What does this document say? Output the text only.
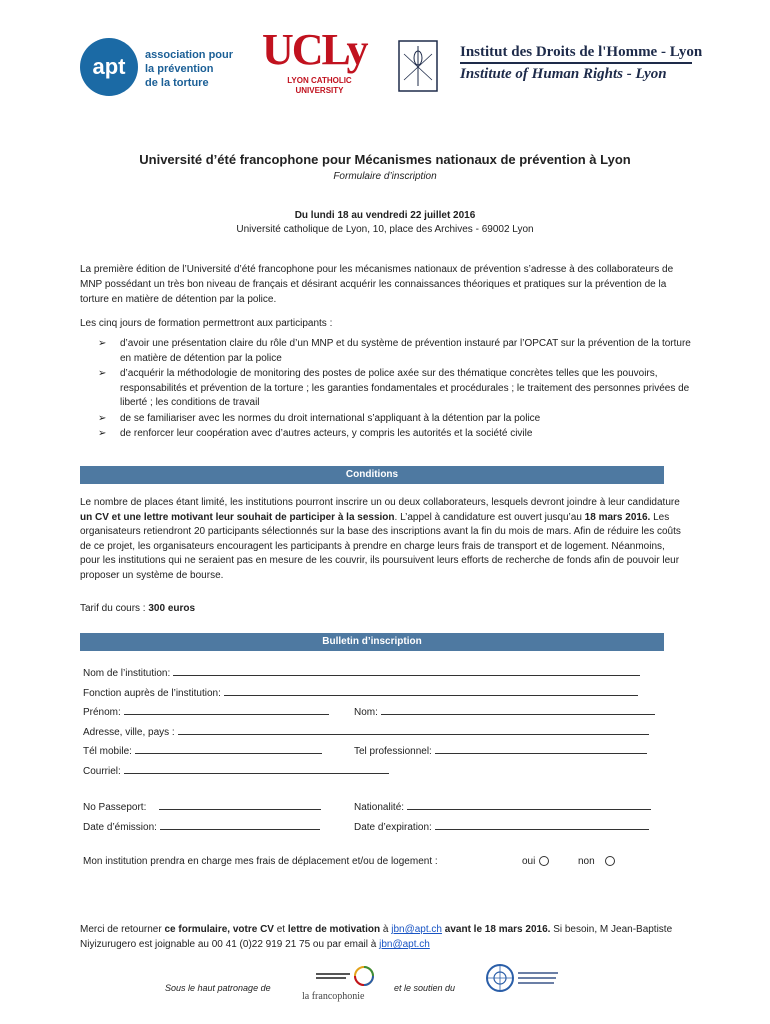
apt association pour
la prévention
de la torture
UCLy
LYON CATHOLIC
UNIVERSITY
Institut des Droits de l'Homme - Lyon
Institute of Human Rights - Lyon
Université d’été francophone pour Mécanismes nationaux de prévention à Lyon
Formulaire d’inscription
Du lundi 18 au vendredi 22 juillet 2016
Université catholique de Lyon, 10, place des Archives - 69002 Lyon
La première édition de l’Université d’été francophone pour les mécanismes nationaux de prévention s’adresse à des collaborateurs de MNP possédant un très bon niveau de français et désirant acquérir les connaissances théoriques et pratiques sur la prévention de la torture en matière de détention par la police.
Les cinq jours de formation permettront aux participants :
➢ d’avoir une présentation claire du rôle d’un MNP et du système de prévention instauré par l’OPCAT sur la prévention de la torture en matière de détention par la police
➢ d’acquérir la méthodologie de monitoring des postes de police axée sur des thématique concrètes telles que les pouvoirs, responsabilités et prévention de la torture ; les garanties fondamentales et procédurales ; le traitement des personnes privées de liberté ; les conditions de travail
➢ de se familiariser avec les normes du droit international s’appliquant à la détention par la police
➢ de renforcer leur coopération avec d’autres acteurs, y compris les autorités et la société civile
Conditions
Le nombre de places étant limité, les institutions pourront inscrire un ou deux collaborateurs, lesquels devront joindre à leur candidature un CV et une lettre motivant leur souhait de participer à la session. L’appel à candidature est ouvert jusqu’au 18 mars 2016. Les organisateurs retiendront 20 participants sélectionnés sur la base des inscriptions avant la fin du mois de mars. Afin de réduire les coûts de ce projet, les organisateurs encouragent les participants à prendre en charge leurs frais de transport et de logement. Néanmoins, pour les institutions qui ne seraient pas en mesure de les couvrir, ils poursuivent leurs efforts de recherche de fonds afin de pouvoir leur proposer un système de bourse.
Tarif du cours : 300 euros
Bulletin d’inscription
Nom de l’institution:
Fonction auprès de l’institution:
Prénom:	Nom:
Adresse, ville, pays :
Tél mobile:	Tel professionnel:
Courriel:
No Passeport:	Nationalité:
Date d’émission:	Date d’expiration:
Mon institution prendra en charge mes frais de déplacement et/ou de logement :	oui	non
Merci de retourner ce formulaire, votre CV et lettre de motivation à jbn@apt.ch avant le 18 mars 2016. Si besoin, M Jean-Baptiste Niyizurugero est joignable au 00 41 (0)22 919 21 75 ou par email à jbn@apt.ch
Sous le haut patronage de
la francophonie
et le soutien du
